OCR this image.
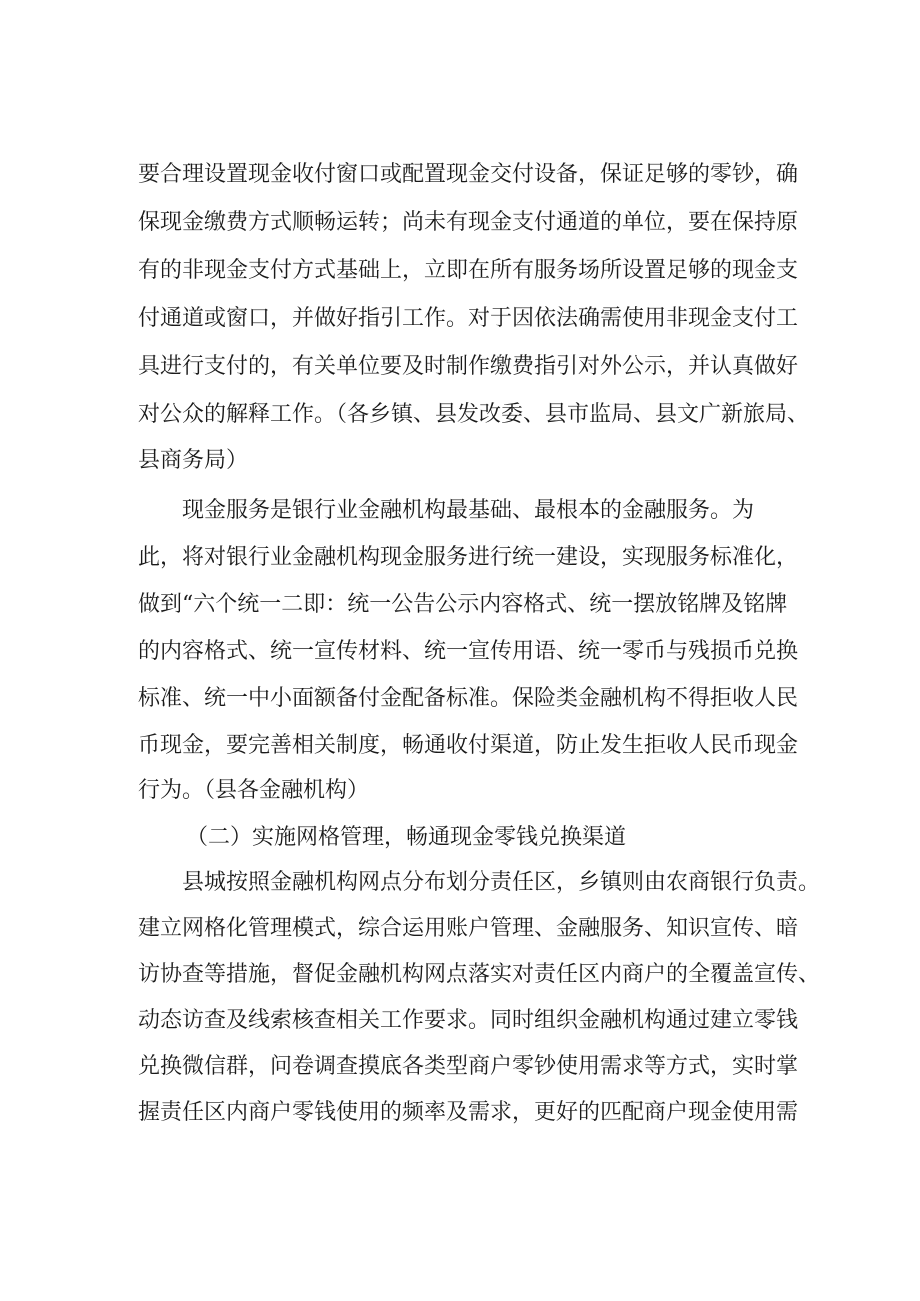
要合理设置现金收付窗口或配置现金交付设备，保证足够的零钞，确
保现金缴费方式顺畅运转；尚未有现金支付通道的单位，要在保持原
有的非现金支付方式基础上，立即在所有服务场所设置足够的现金支
付通道或窗口，并做好指引工作。对于因依法确需使用非现金支付工
具进行支付的，有关单位要及时制作缴费指引对外公示，并认真做好
对公众的解释工作。（各乡镇、县发改委、县市监局、县文广新旅局、
县商务局）
现金服务是银行业金融机构最基础、最根本的金融服务。为
此，将对银行业金融机构现金服务进行统一建设，实现服务标准化，
做到“六个统一二即：统一公告公示内容格式、统一摆放铭牌及铭牌
的内容格式、统一宣传材料、统一宣传用语、统一零币与残损币兑换
标准、统一中小面额备付金配备标准。保险类金融机构不得拒收人民
币现金，要完善相关制度，畅通收付渠道，防止发生拒收人民币现金
行为。（县各金融机构）
（二）实施网格管理，畅通现金零钱兑换渠道
县城按照金融机构网点分布划分责任区，乡镇则由农商银行负责。
建立网格化管理模式，综合运用账户管理、金融服务、知识宣传、暗
访协查等措施，督促金融机构网点落实对责任区内商户的全覆盖宣传、
动态访查及线索核查相关工作要求。同时组织金融机构通过建立零钱
兑换微信群，问卷调查摸底各类型商户零钞使用需求等方式，实时掌
握责任区内商户零钱使用的频率及需求，更好的匹配商户现金使用需
